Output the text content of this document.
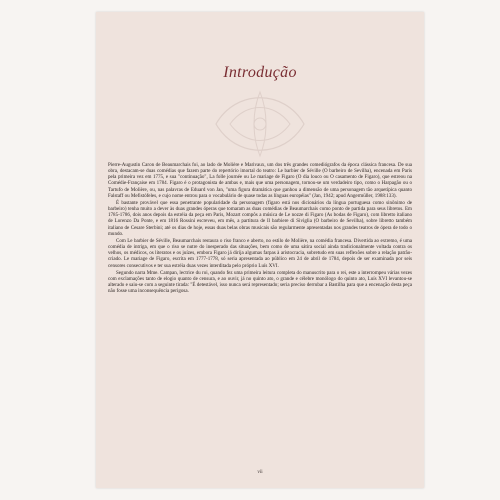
Introdução

Pierre-Augustin Caron de Beaumarchais foi, ao lado de Molière e Marivaux, um dos três grandes comediógrafos da época clássica francesa. De sua obra, destacam-se duas comédias que fazem parte do repertório imortal do teatro: Le barbier de Séville (O barbeiro de Sevilha), encenada em Paris pela primeira vez em 1775, e sua "continuação", La folle journée ou Le mariage de Figaro (O dia louco ou O casamento de Figaro), que estreou na Comédie-Française em 1784. Figaro é o protagonista de ambas e, mais que uma personagem, tornou-se um verdadeiro tipo, como o Harpagão ou o Tartufo de Molière, ou, nas palavras de Eduard von Jan, "uma figura dramática que ganhou a dimensão de uma personagem tão arquetípica quanto Falstaff ou Mefistófeles, e cujo nome entrou para o vocabulário de quase todas as línguas européias" (Jan, 1942; apud Angermüller, 1988:133).

É bastante provável que essa penetrante popularidade da personagem (figaro está nos dicionários da língua portuguesa como sinônimo de barbeiro) tenha muito a dever às duas grandes óperas que tomaram as duas comédias de Beaumarchais como ponto de partida para seus libretos. Em 1785-1786, dois anos depois da estréia da peça em Paris, Mozart compôs a música de Le nozze di Figaro (As bodas de Figaro), com libretto italiano de Lorenzo Da Ponte, e em 1816 Rossini escreveu, em mês, a partitura de Il barbiere di Siviglia (O barbeiro de Sevilha), sobre libretto também italiano de Cesare Sterbini; até os dias de hoje, essas duas belas obras musicais são regularmente apresentadas nos grandes teatros de ópera de todo o mundo.

Com Le barbier de Séville, Beaumarchais restaura o riso franco e aberto, no estilo de Molière, na comédia francesa. Divertida ao extremo, é uma comédia de intriga, em que o riso se nutre do inesperado das situações, bem como de uma sátira social ainda tradicionalmente voltada contra os velhos, os médicos, os literatos e os juízes, embora Figaro já dirija algumas farpas à aristocracia, sobretudo em suas reflexões sobre a relação patrão-criado. Le mariage de Figaro, escrita em 1777-1778, só seria apresentada ao público em 24 de abril de 1784, depois de ser examinada por seis censores consecutivos e ter sua estréia duas vezes interditada pelo próprio Luís XVI.

Segundo narra Mme. Campan, lectrice du roi, quando fez uma primeira leitura completa do manuscrito para o rei, este a interrompeu várias vezes com exclamações tanto de elogio quanto de censura, e ao ouvir, já no quinto ato, o grande e célebre monólogo do quinto ato, Luís XVI levantou-se alterado e saiu-se com a seguinte tirada: "É detestável, isso nunca será representado; seria preciso derrubar a Bastilha para que a encenação desta peça não fosse uma inconsequência perigosa.

vii
